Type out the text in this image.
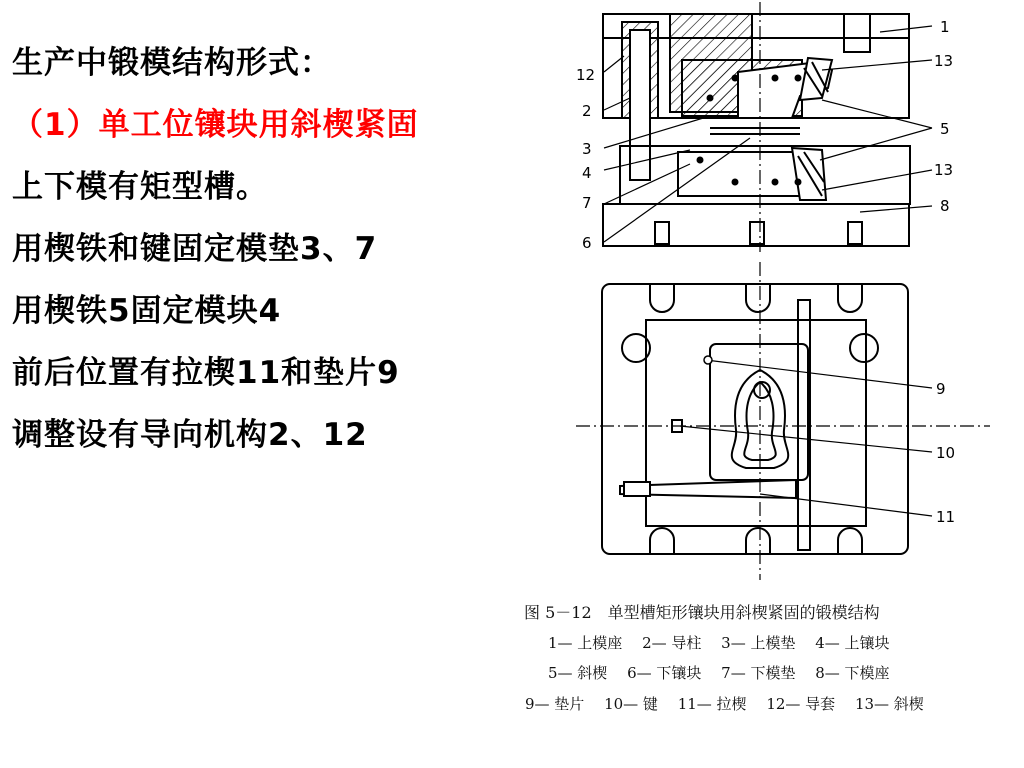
生产中锻模结构形式：
（1）单工位镶块用斜楔紧固
上下模有矩型槽。
用楔铁和键固定模垫3、7
用楔铁5固定模块4
前后位置有拉楔11和垫片9
调整设有导向机构2、12
1
13
12
2
5
3
4	13
7	8
6
9
10
11
图 5－12　单型槽矩形镶块用斜楔紧固的锻模结构
1— 上模座　 2— 导柱　 3— 上模垫　 4— 上镶块
5— 斜楔　 6— 下镶块　 7— 下模垫　 8— 下模座
9— 垫片　 10— 键　 11— 拉楔　 12— 导套　 13— 斜楔
